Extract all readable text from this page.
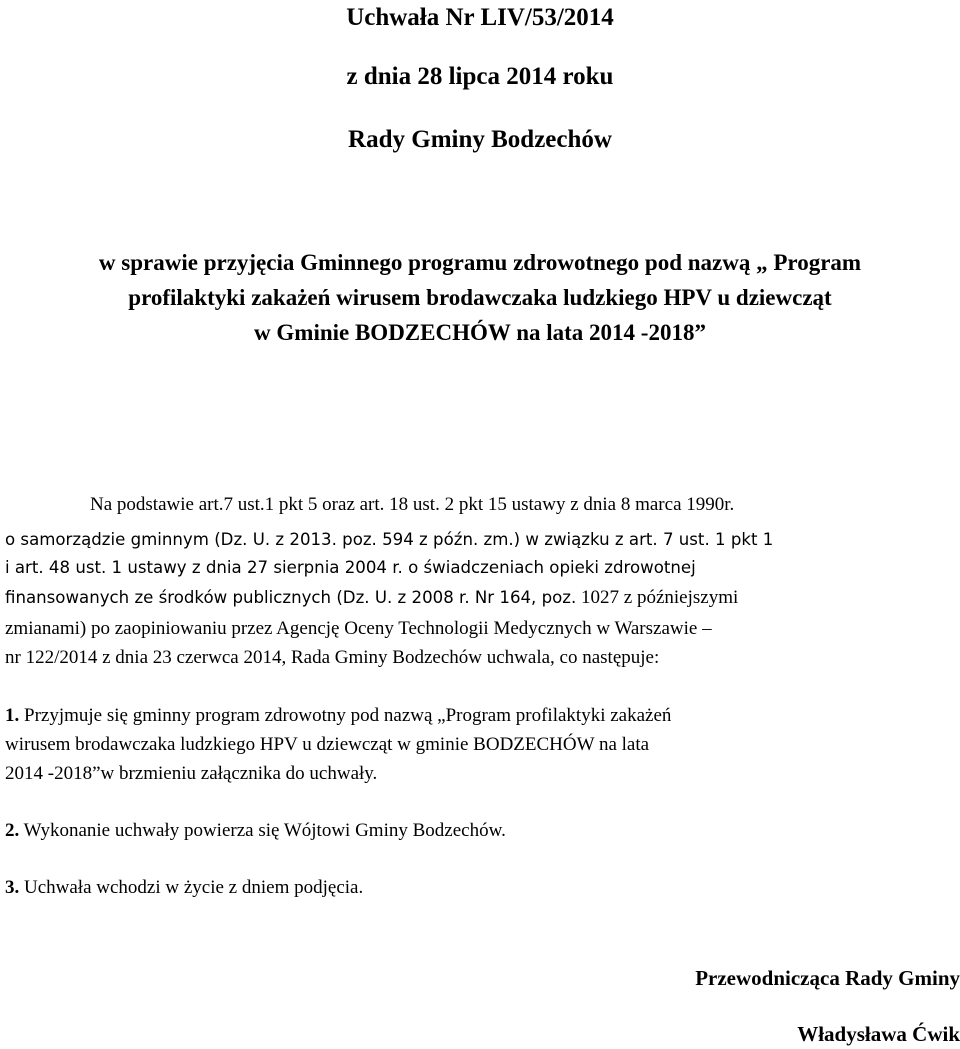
Uchwała Nr LIV/53/2014
z dnia 28 lipca 2014 roku
Rady Gminy Bodzechów
w sprawie przyjęcia Gminnego programu zdrowotnego pod nazwą „ Program
profilaktyki zakażeń wirusem brodawczaka ludzkiego HPV u dziewcząt
w Gminie BODZECHÓW na lata 2014 -2018”

Na podstawie art.7 ust.1 pkt 5 oraz art. 18 ust. 2 pkt 15 ustawy z dnia 8 marca 1990r.

o samorządzie gminnym (Dz. U. z 2013. poz. 594 z późn. zm.) w związku z art. 7 ust. 1 pkt 1

i art. 48 ust. 1 ustawy z dnia 27 sierpnia 2004 r. o świadczeniach opieki zdrowotnej

finansowanych ze środków publicznych (Dz. U. z 2008 r. Nr 164, poz. 1027 z późniejszymi

zmianami) po zaopiniowaniu przez Agencję Oceny Technologii Medycznych w Warszawie –

nr 122/2014 z dnia 23 czerwca 2014, Rada Gminy Bodzechów uchwala, co następuje:

1. Przyjmuje się gminny program zdrowotny pod nazwą „Program profilaktyki zakażeń

wirusem brodawczaka ludzkiego HPV u dziewcząt w gminie BODZECHÓW na lata

2014 -2018”w brzmieniu załącznika do uchwały.

2. Wykonanie uchwały powierza się Wójtowi Gminy Bodzechów.

3. Uchwała wchodzi w życie z dniem podjęcia.

Przewodnicząca Rady Gminy

Władysława Ćwik
